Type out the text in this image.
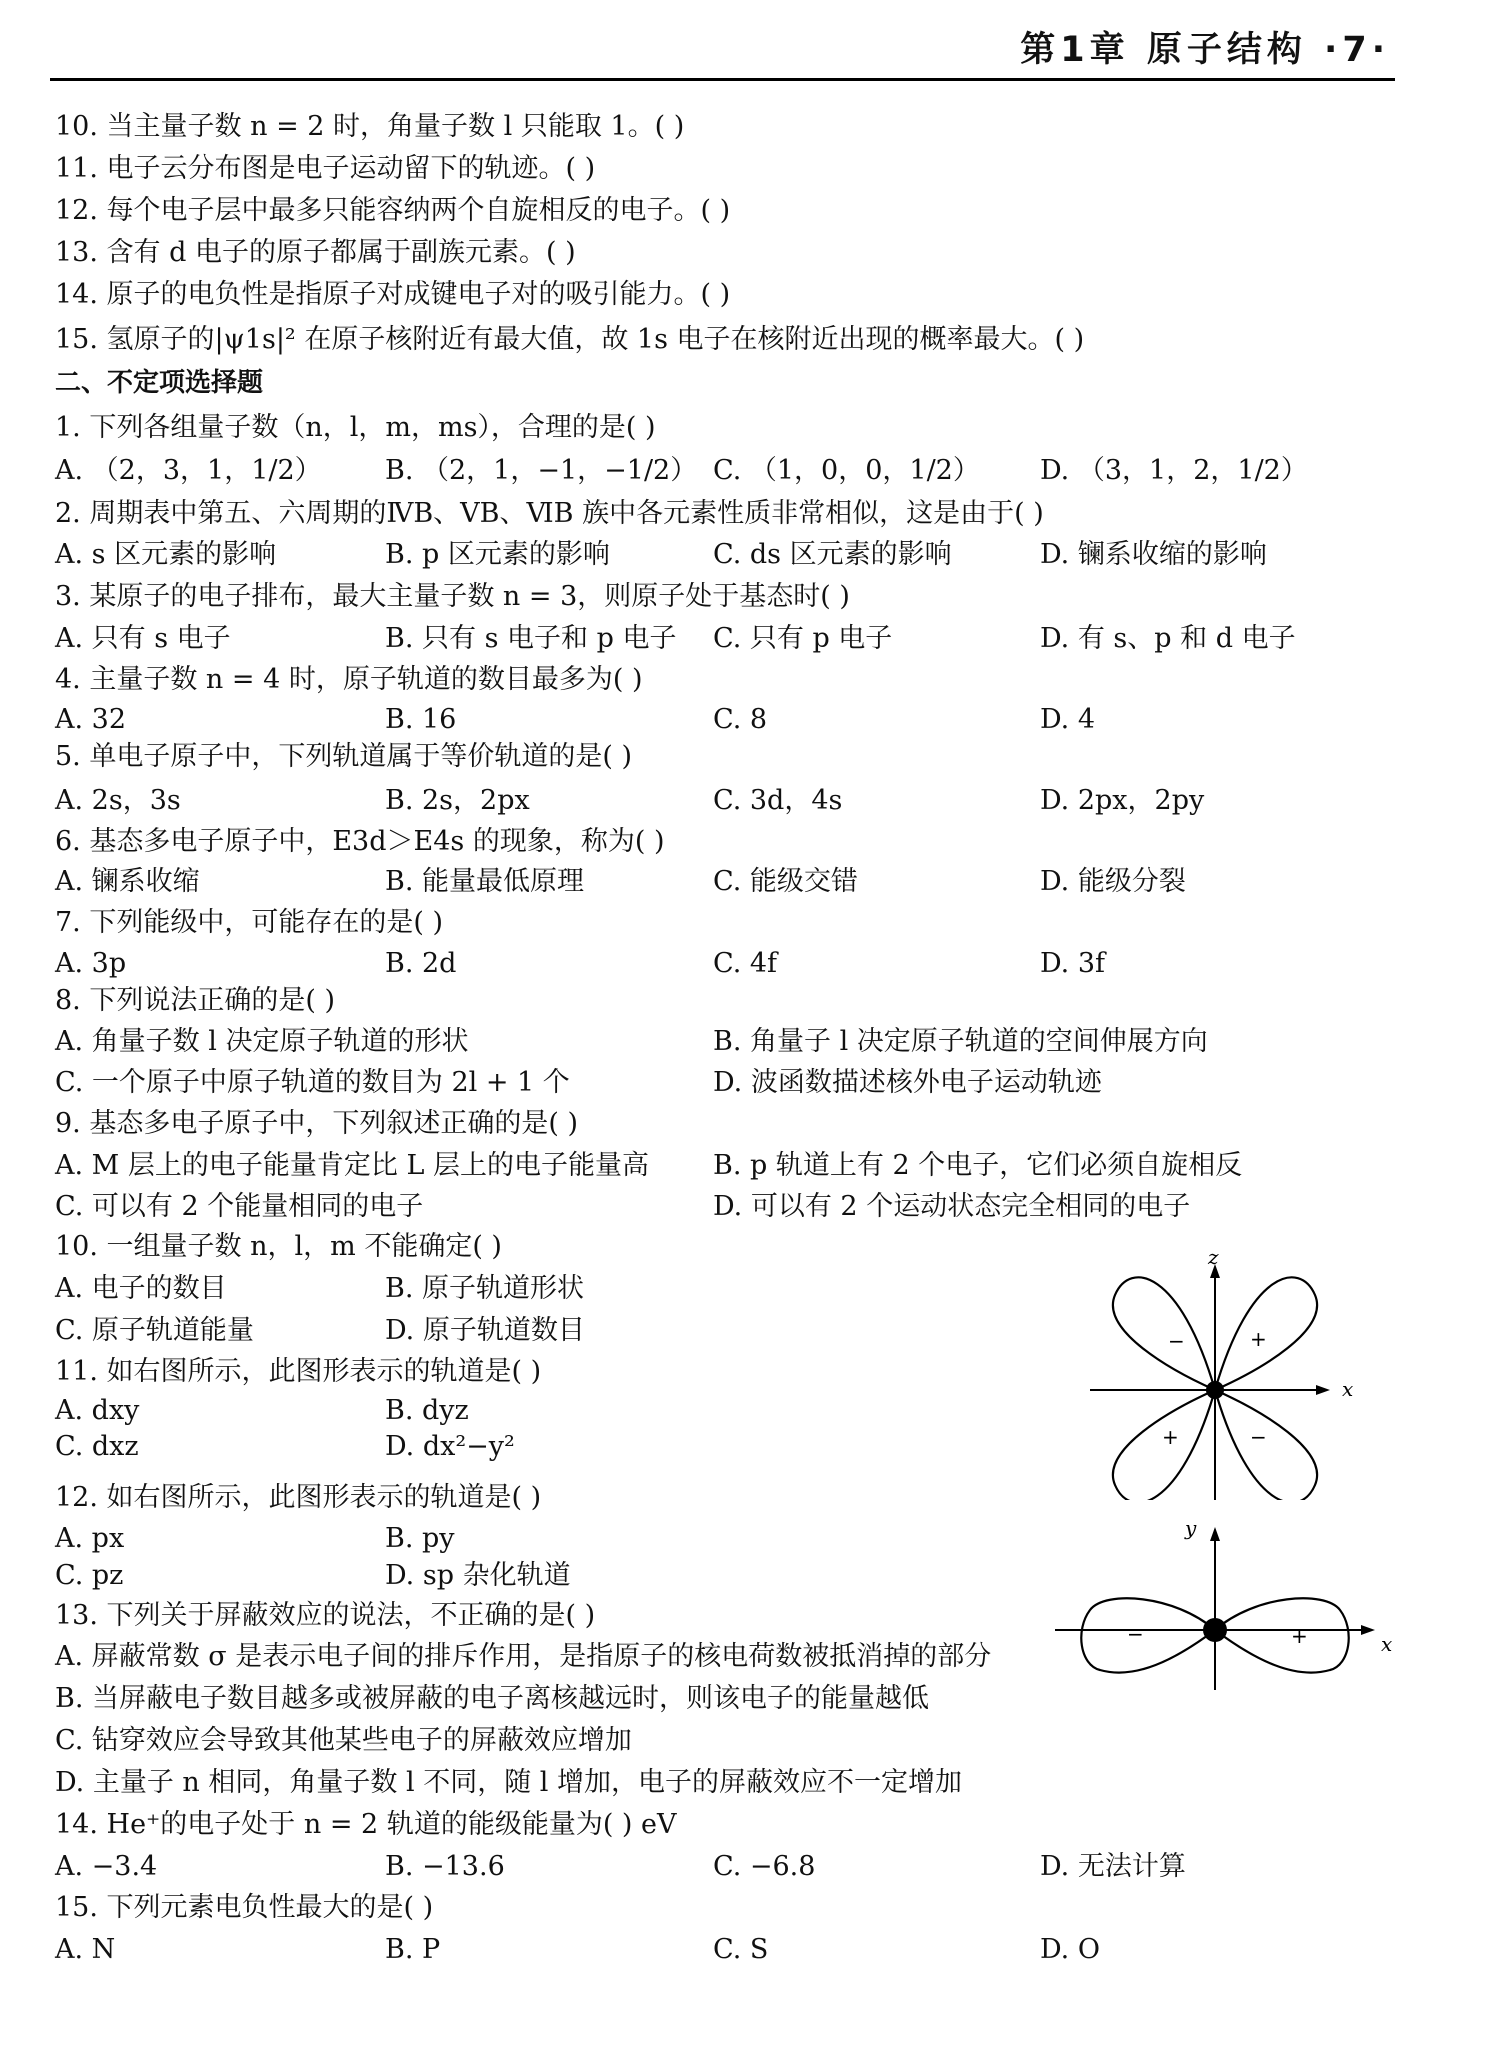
第1章 原子结构 ·7·
10. 当主量子数 n = 2 时，角量子数 l 只能取 1。( )
11. 电子云分布图是电子运动留下的轨迹。( )
12. 每个电子层中最多只能容纳两个自旋相反的电子。( )
13. 含有 d 电子的原子都属于副族元素。( )
14. 原子的电负性是指原子对成键电子对的吸引能力。( )
15. 氢原子的|ψ1s|² 在原子核附近有最大值，故 1s 电子在核附近出现的概率最大。( )
二、不定项选择题
1. 下列各组量子数（n，l，m，ms），合理的是( )
A. （2，3，1，1/2） B. （2，1，−1，−1/2） C. （1，0，0，1/2） D. （3，1，2，1/2）
2. 周期表中第五、六周期的ⅣB、ⅤB、ⅥB 族中各元素性质非常相似，这是由于( )
A. s 区元素的影响	B. p 区元素的影响	C. ds 区元素的影响	D. 镧系收缩的影响
3. 某原子的电子排布，最大主量子数 n = 3，则原子处于基态时( )
A. 只有 s 电子	B. 只有 s 电子和 p 电子 C. 只有 p 电子	D. 有 s、p 和 d 电子
4. 主量子数 n = 4 时，原子轨道的数目最多为( )
A. 32	B. 16	C. 8	D. 4
5. 单电子原子中，下列轨道属于等价轨道的是( )
A. 2s，3s	B. 2s，2px	C. 3d，4s	D. 2px，2py
6. 基态多电子原子中，E3d＞E4s 的现象，称为( )
A. 镧系收缩	B. 能量最低原理	C. 能级交错	D. 能级分裂
7. 下列能级中，可能存在的是( )
A. 3p	B. 2d	C. 4f	D. 3f
8. 下列说法正确的是( )
A. 角量子数 l 决定原子轨道的形状	B. 角量子 l 决定原子轨道的空间伸展方向
C. 一个原子中原子轨道的数目为 2l + 1 个	D. 波函数描述核外电子运动轨迹
9. 基态多电子原子中，下列叙述正确的是( )
A. M 层上的电子能量肯定比 L 层上的电子能量高 B. p 轨道上有 2 个电子，它们必须自旋相反
C. 可以有 2 个能量相同的电子	D. 可以有 2 个运动状态完全相同的电子
10. 一组量子数 n，l，m 不能确定( )
A. 电子的数目	B. 原子轨道形状
C. 原子轨道能量	D. 原子轨道数目
11. 如右图所示，此图形表示的轨道是( )
A. dxy	B. dyz
C. dxz	D. dx²−y²
12. 如右图所示，此图形表示的轨道是( )
A. px	B. py
C. pz	D. sp 杂化轨道
13. 下列关于屏蔽效应的说法，不正确的是( )
A. 屏蔽常数 σ 是表示电子间的排斥作用，是指原子的核电荷数被抵消掉的部分
B. 当屏蔽电子数目越多或被屏蔽的电子离核越远时，则该电子的能量越低
C. 钻穿效应会导致其他某些电子的屏蔽效应增加
D. 主量子 n 相同，角量子数 l 不同，随 l 增加，电子的屏蔽效应不一定增加
14. He⁺的电子处于 n = 2 轨道的能级能量为( ) eV
A. −3.4	B. −13.6	C. −6.8	D. 无法计算
15. 下列元素电负性最大的是( )
A. N	B. P	C. S	D. O
z
x
−	+
+	−
y
x
−	+
